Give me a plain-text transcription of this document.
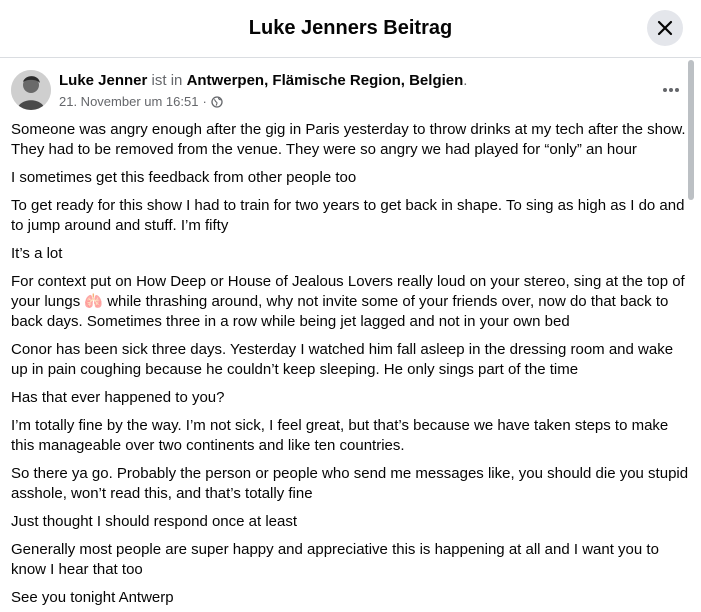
Luke Jenners Beitrag
Luke Jenner ist in Antwerpen, Flämische Region, Belgien.
21. November um 16:51 ·

Someone was angry enough after the gig in Paris yesterday to throw drinks at my tech after the show. They had to be removed from the venue. They were so angry we had played for “only” an hour

I sometimes get this feedback from other people too

To get ready for this show I had to train for two years to get back in shape. To sing as high as I do and to jump around and stuff. I’m fifty

It’s a lot

For context put on How Deep or House of Jealous Lovers really loud on your stereo, sing at the top of your lungs 🫁 while thrashing around, why not invite some of your friends over, now do that back to back days. Sometimes three in a row while being jet lagged and not in your own bed

Conor has been sick three days. Yesterday I watched him fall asleep in the dressing room and wake up in pain coughing because he couldn’t keep sleeping. He only sings part of the time

Has that ever happened to you?

I’m totally fine by the way. I’m not sick, I feel great, but that’s because we have taken steps to make this manageable over two continents and like ten countries.

So there ya go. Probably the person or people who send me messages like, you should die you stupid asshole, won’t read this, and that’s totally fine

Just thought I should respond once at least

Generally most people are super happy and appreciative this is happening at all and I want you to know I hear that too

See you tonight Antwerp
